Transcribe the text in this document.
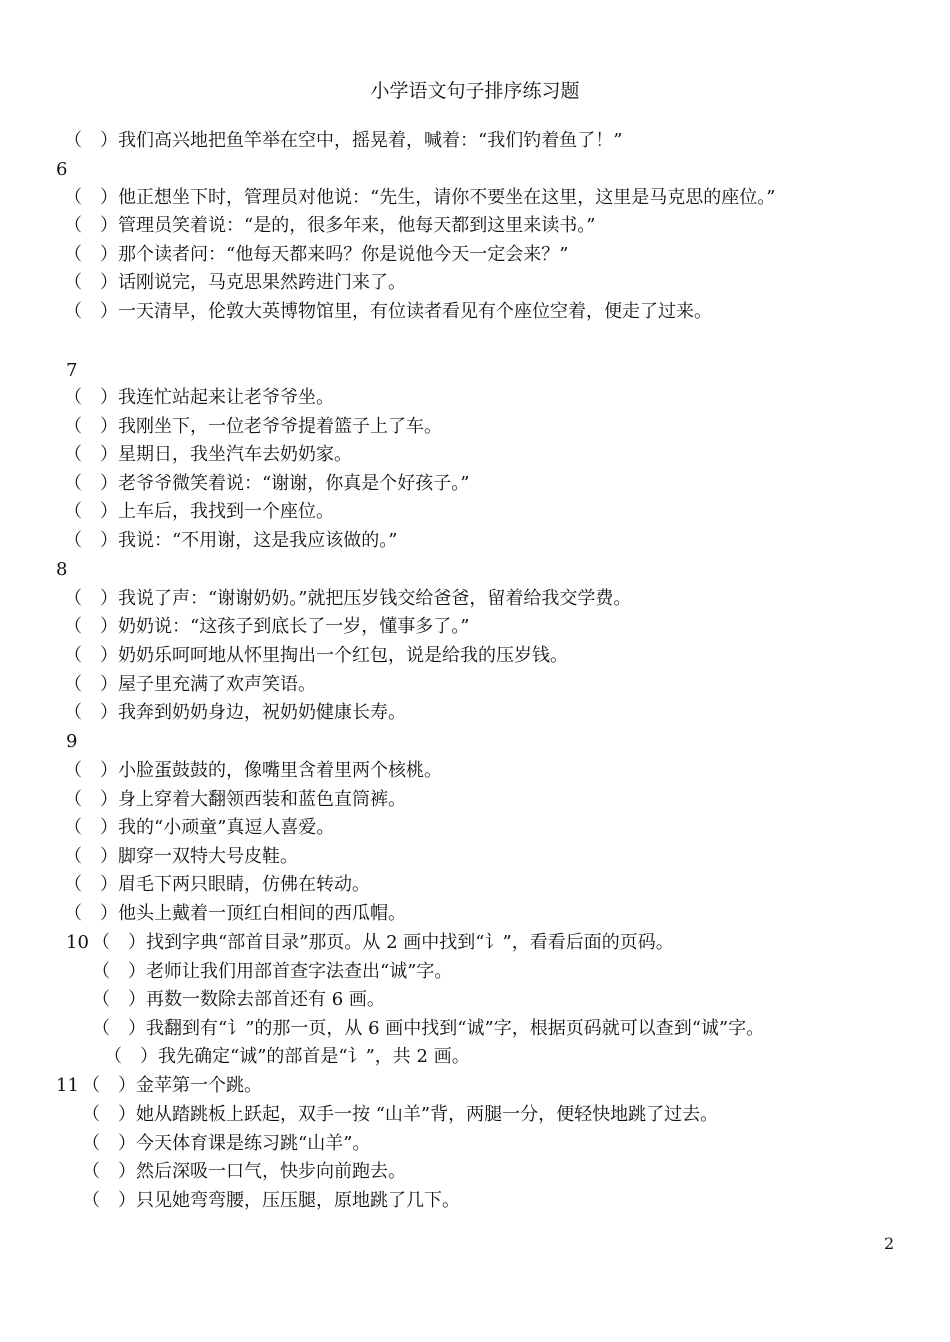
小学语文句子排序练习题
（　）我们高兴地把鱼竿举在空中，摇晃着，喊着：“我们钓着鱼了！”
6
（　）他正想坐下时，管理员对他说：“先生，请你不要坐在这里，这里是马克思的座位。”
（　）管理员笑着说：“是的，很多年来，他每天都到这里来读书。”
（　）那个读者问：“他每天都来吗？你是说他今天一定会来？”
（　）话刚说完，马克思果然跨进门来了。
（　）一天清早，伦敦大英博物馆里，有位读者看见有个座位空着，便走了过来。
7
（　）我连忙站起来让老爷爷坐。
（　）我刚坐下，一位老爷爷提着篮子上了车。
（　）星期日，我坐汽车去奶奶家。
（　）老爷爷微笑着说：“谢谢，你真是个好孩子。”
（　）上车后，我找到一个座位。
（　）我说：“不用谢，这是我应该做的。”
8
（　）我说了声：“谢谢奶奶。”就把压岁钱交给爸爸，留着给我交学费。
（　）奶奶说：“这孩子到底长了一岁，懂事多了。”
（　）奶奶乐呵呵地从怀里掏出一个红包，说是给我的压岁钱。
（　）屋子里充满了欢声笑语。
（　）我奔到奶奶身边，祝奶奶健康长寿。
9
（　）小脸蛋鼓鼓的，像嘴里含着里两个核桃。
（　）身上穿着大翻领西装和蓝色直筒裤。
（　）我的“小顽童”真逗人喜爱。
（　）脚穿一双特大号皮鞋。
（　）眉毛下两只眼睛，仿佛在转动。
（　）他头上戴着一顶红白相间的西瓜帽。
10 （　）找到字典“部首目录”那页。从 2 画中找到“讠”，看看后面的页码。
（　）老师让我们用部首查字法查出“诚”字。
（　）再数一数除去部首还有 6 画。
（　）我翻到有“讠”的那一页，从 6 画中找到“诚”字，根据页码就可以查到“诚”字。
（　）我先确定“诚”的部首是“讠”，共 2 画。
11 （　）金苹第一个跳。
（　）她从踏跳板上跃起，双手一按 “山羊”背，两腿一分，便轻快地跳了过去。
（　）今天体育课是练习跳“山羊”。
（　）然后深吸一口气，快步向前跑去。
（　）只见她弯弯腰，压压腿，原地跳了几下。
2
